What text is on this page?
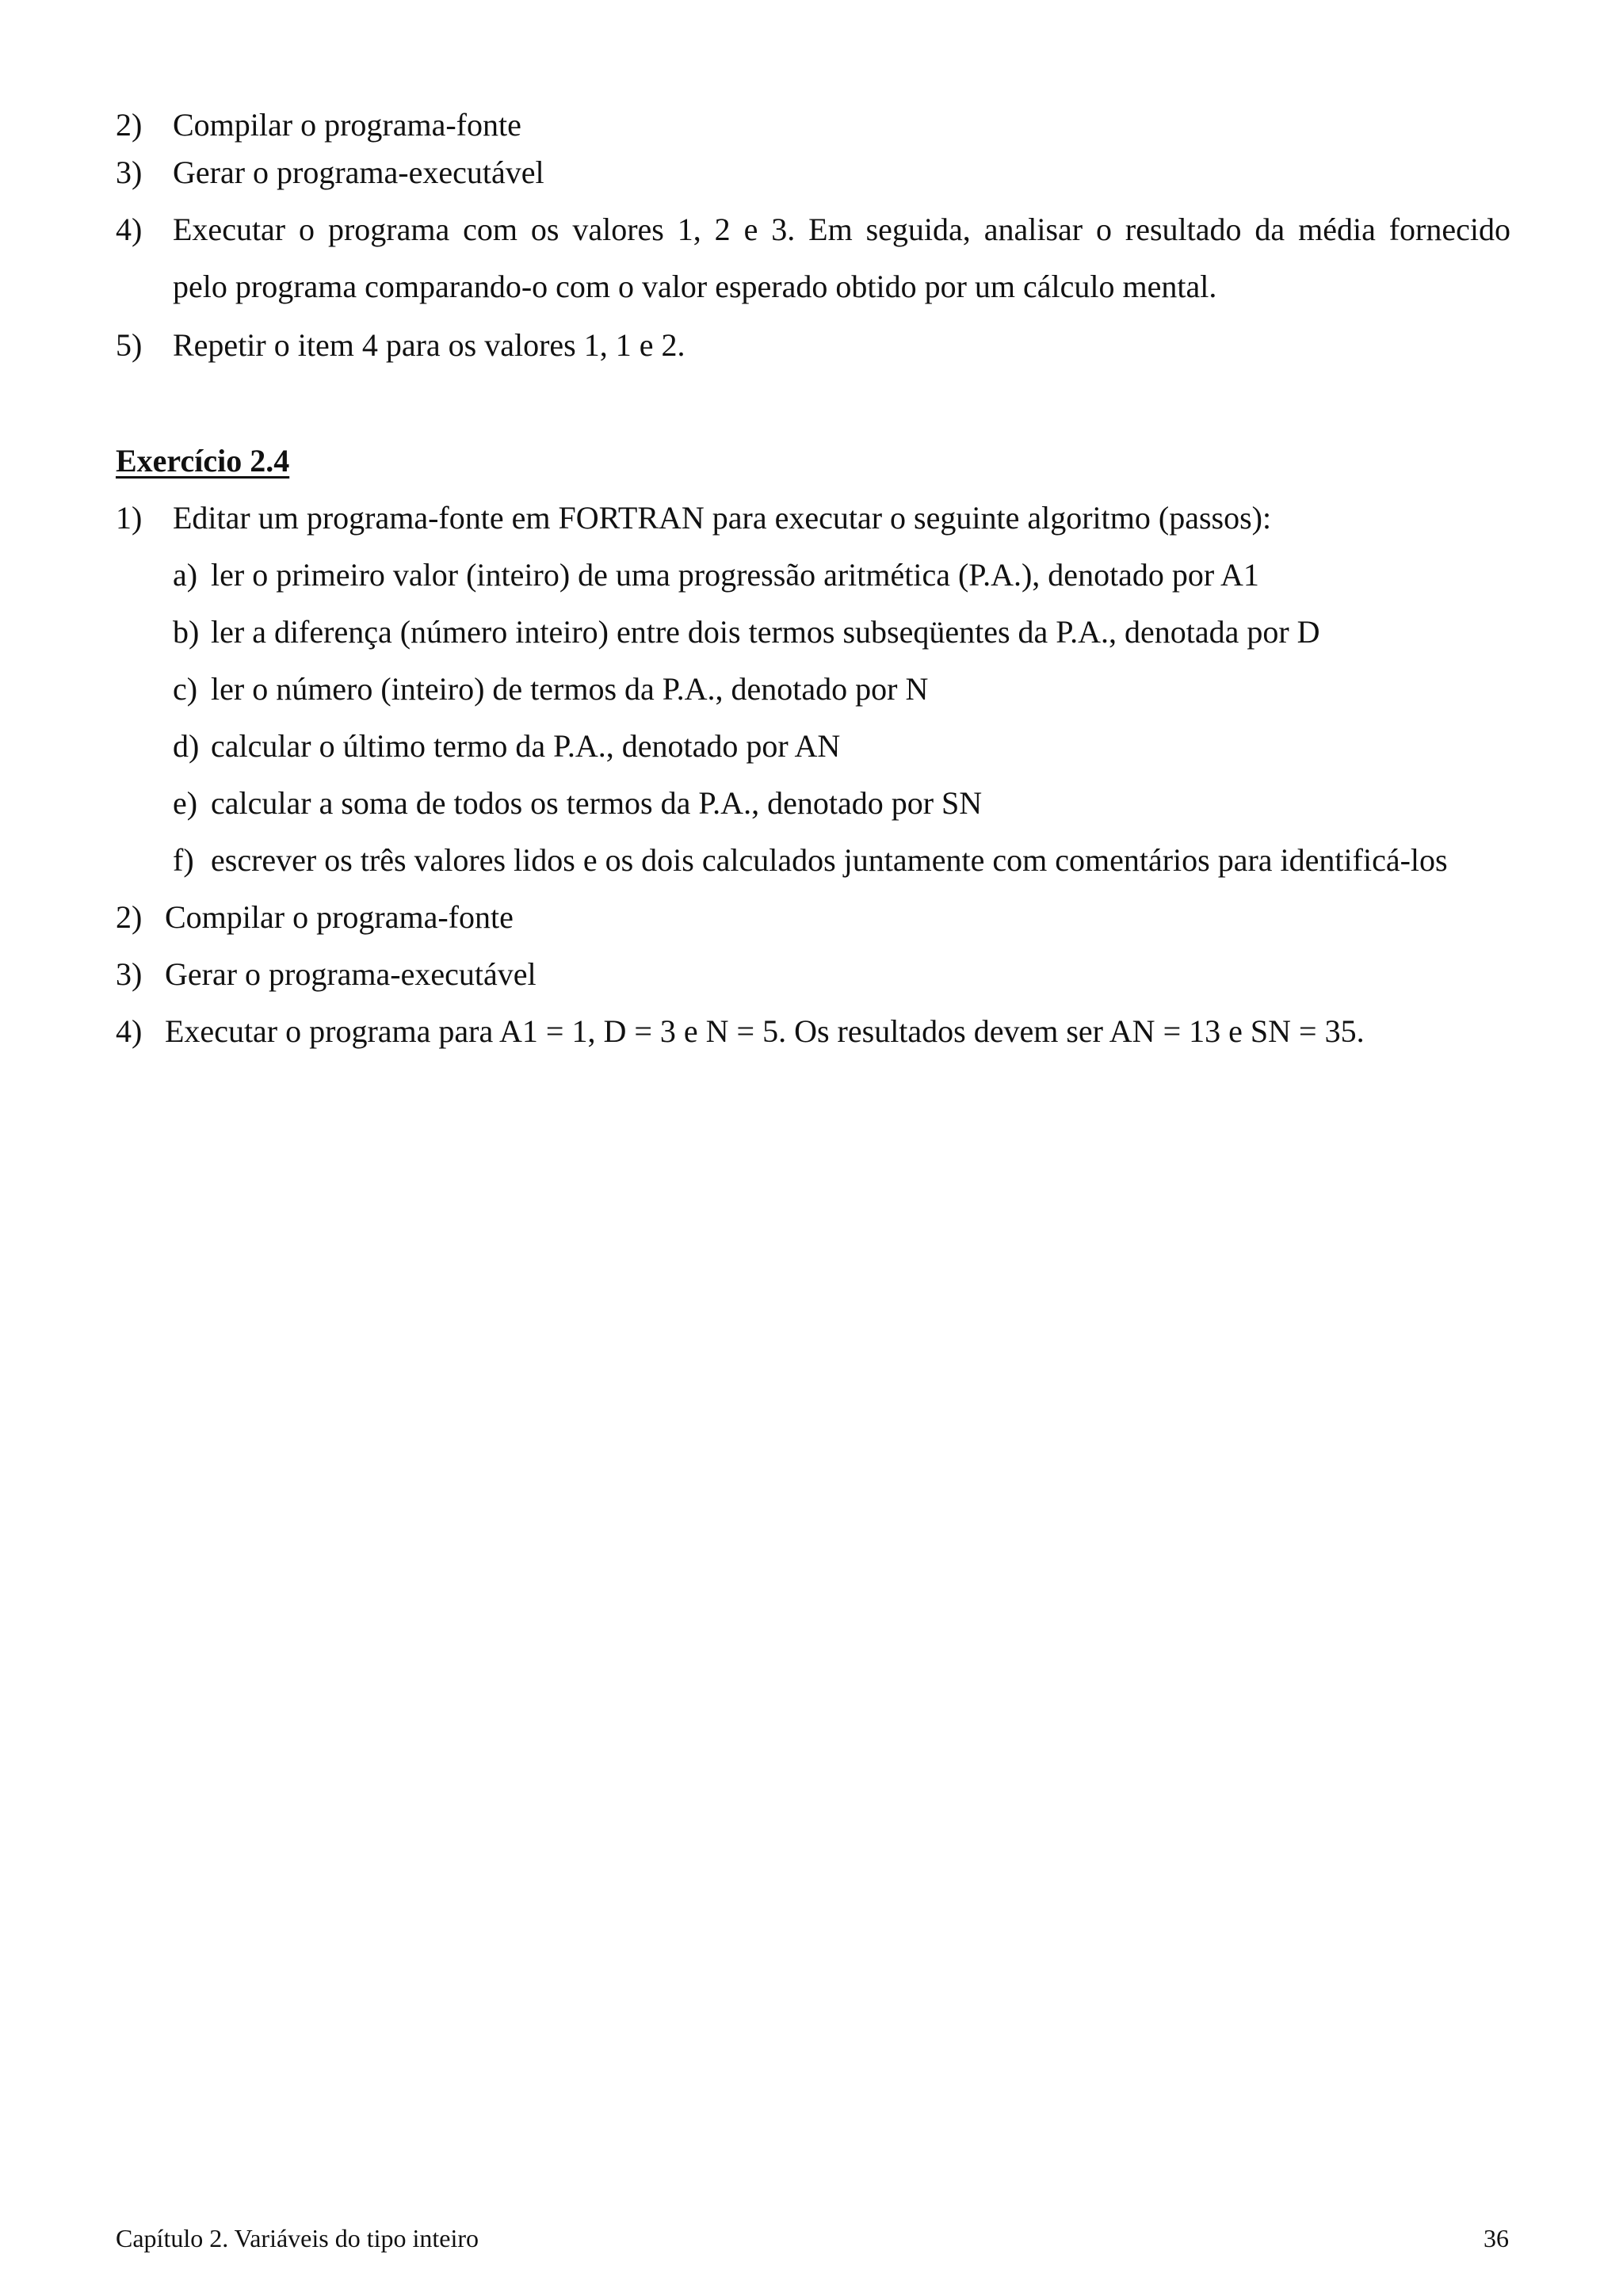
2) Compilar o programa-fonte
3) Gerar o programa-executável
4) Executar o programa com os valores 1, 2 e 3. Em seguida, analisar o resultado da média fornecido
pelo programa comparando-o com o valor esperado obtido por um cálculo mental.
5) Repetir o item 4 para os valores 1, 1 e 2.
Exercício 2.4
1) Editar um programa-fonte em FORTRAN para executar o seguinte algoritmo (passos):
a) ler o primeiro valor (inteiro) de uma progressão aritmética (P.A.), denotado por A1
b) ler a diferença (número inteiro) entre dois termos subseqüentes da P.A., denotada por D
c) ler o número (inteiro) de termos da P.A., denotado por N
d) calcular o último termo da P.A., denotado por AN
e) calcular a soma de todos os termos da P.A., denotado por SN
f) escrever os três valores lidos e os dois calculados juntamente com comentários para identificá-los
2) Compilar o programa-fonte
3) Gerar o programa-executável
4) Executar o programa para A1 = 1, D = 3 e N = 5. Os resultados devem ser AN = 13 e SN = 35.
Capítulo 2. Variáveis do tipo inteiro	36
